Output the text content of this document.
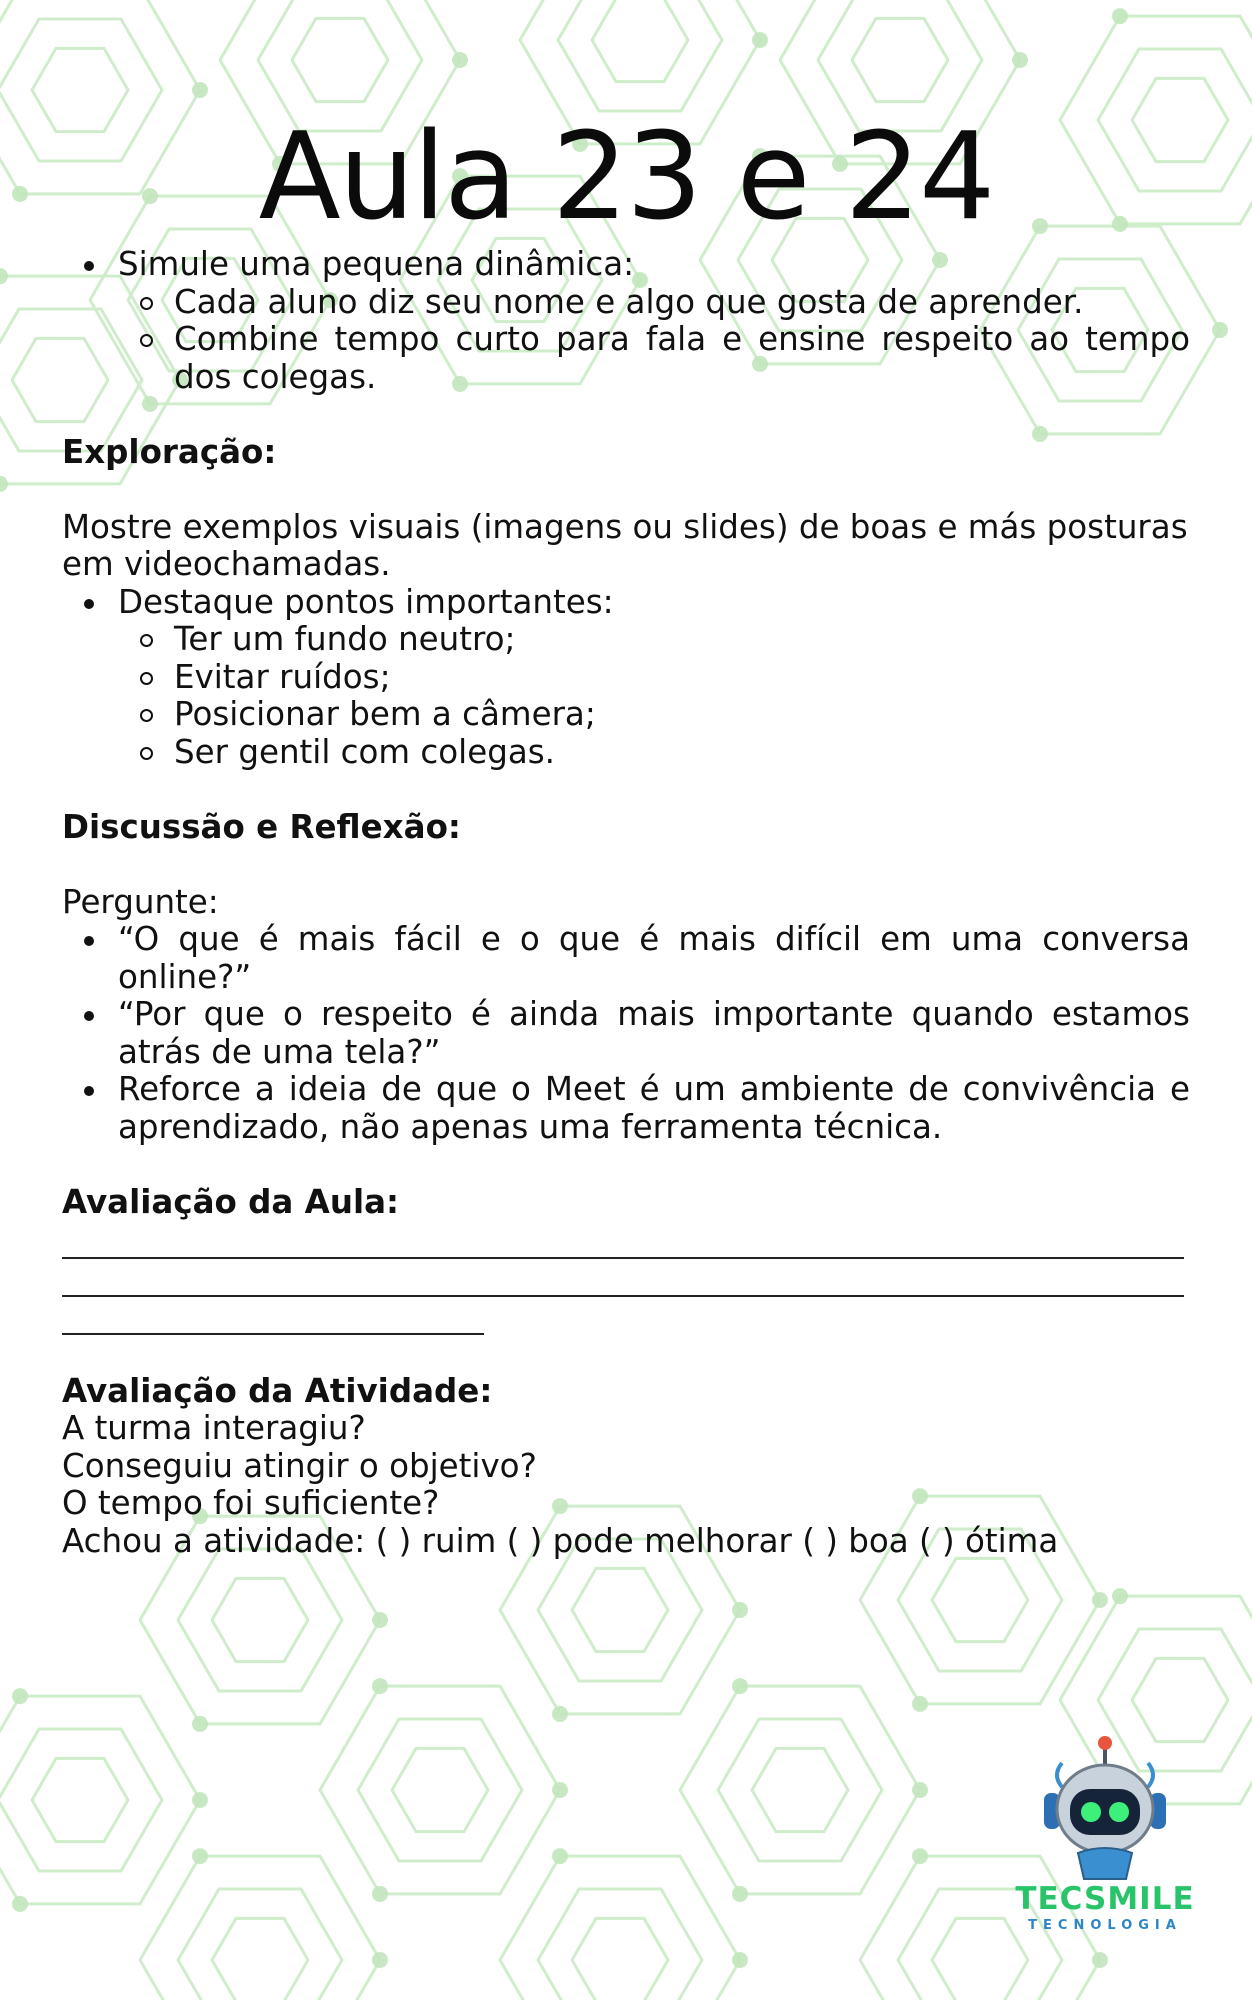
Aula 23 e 24
Simule uma pequena dinâmica:
Cada aluno diz seu nome e algo que gosta de aprender.
Combine tempo curto para fala e ensine respeito ao tempo dos colegas.
Exploração:

Mostre exemplos visuais (imagens ou slides) de boas e más posturas em videochamadas.

Destaque pontos importantes:
Ter um fundo neutro;
Evitar ruídos;
Posicionar bem a câmera;
Ser gentil com colegas.
Discussão e Reflexão:

Pergunte:

“O que é mais fácil e o que é mais difícil em uma conversa online?”
“Por que o respeito é ainda mais importante quando estamos atrás de uma tela?”
Reforce a ideia de que o Meet é um ambiente de convivência e aprendizado, não apenas uma ferramenta técnica.
Avaliação da Aula:
Avaliação da Atividade:

A turma interagiu?

Conseguiu atingir o objetivo?

O tempo foi suficiente?

Achou a atividade: ( ) ruim ( ) pode melhorar ( ) boa ( ) ótima

TECSMILE
TECNOLOGIA
